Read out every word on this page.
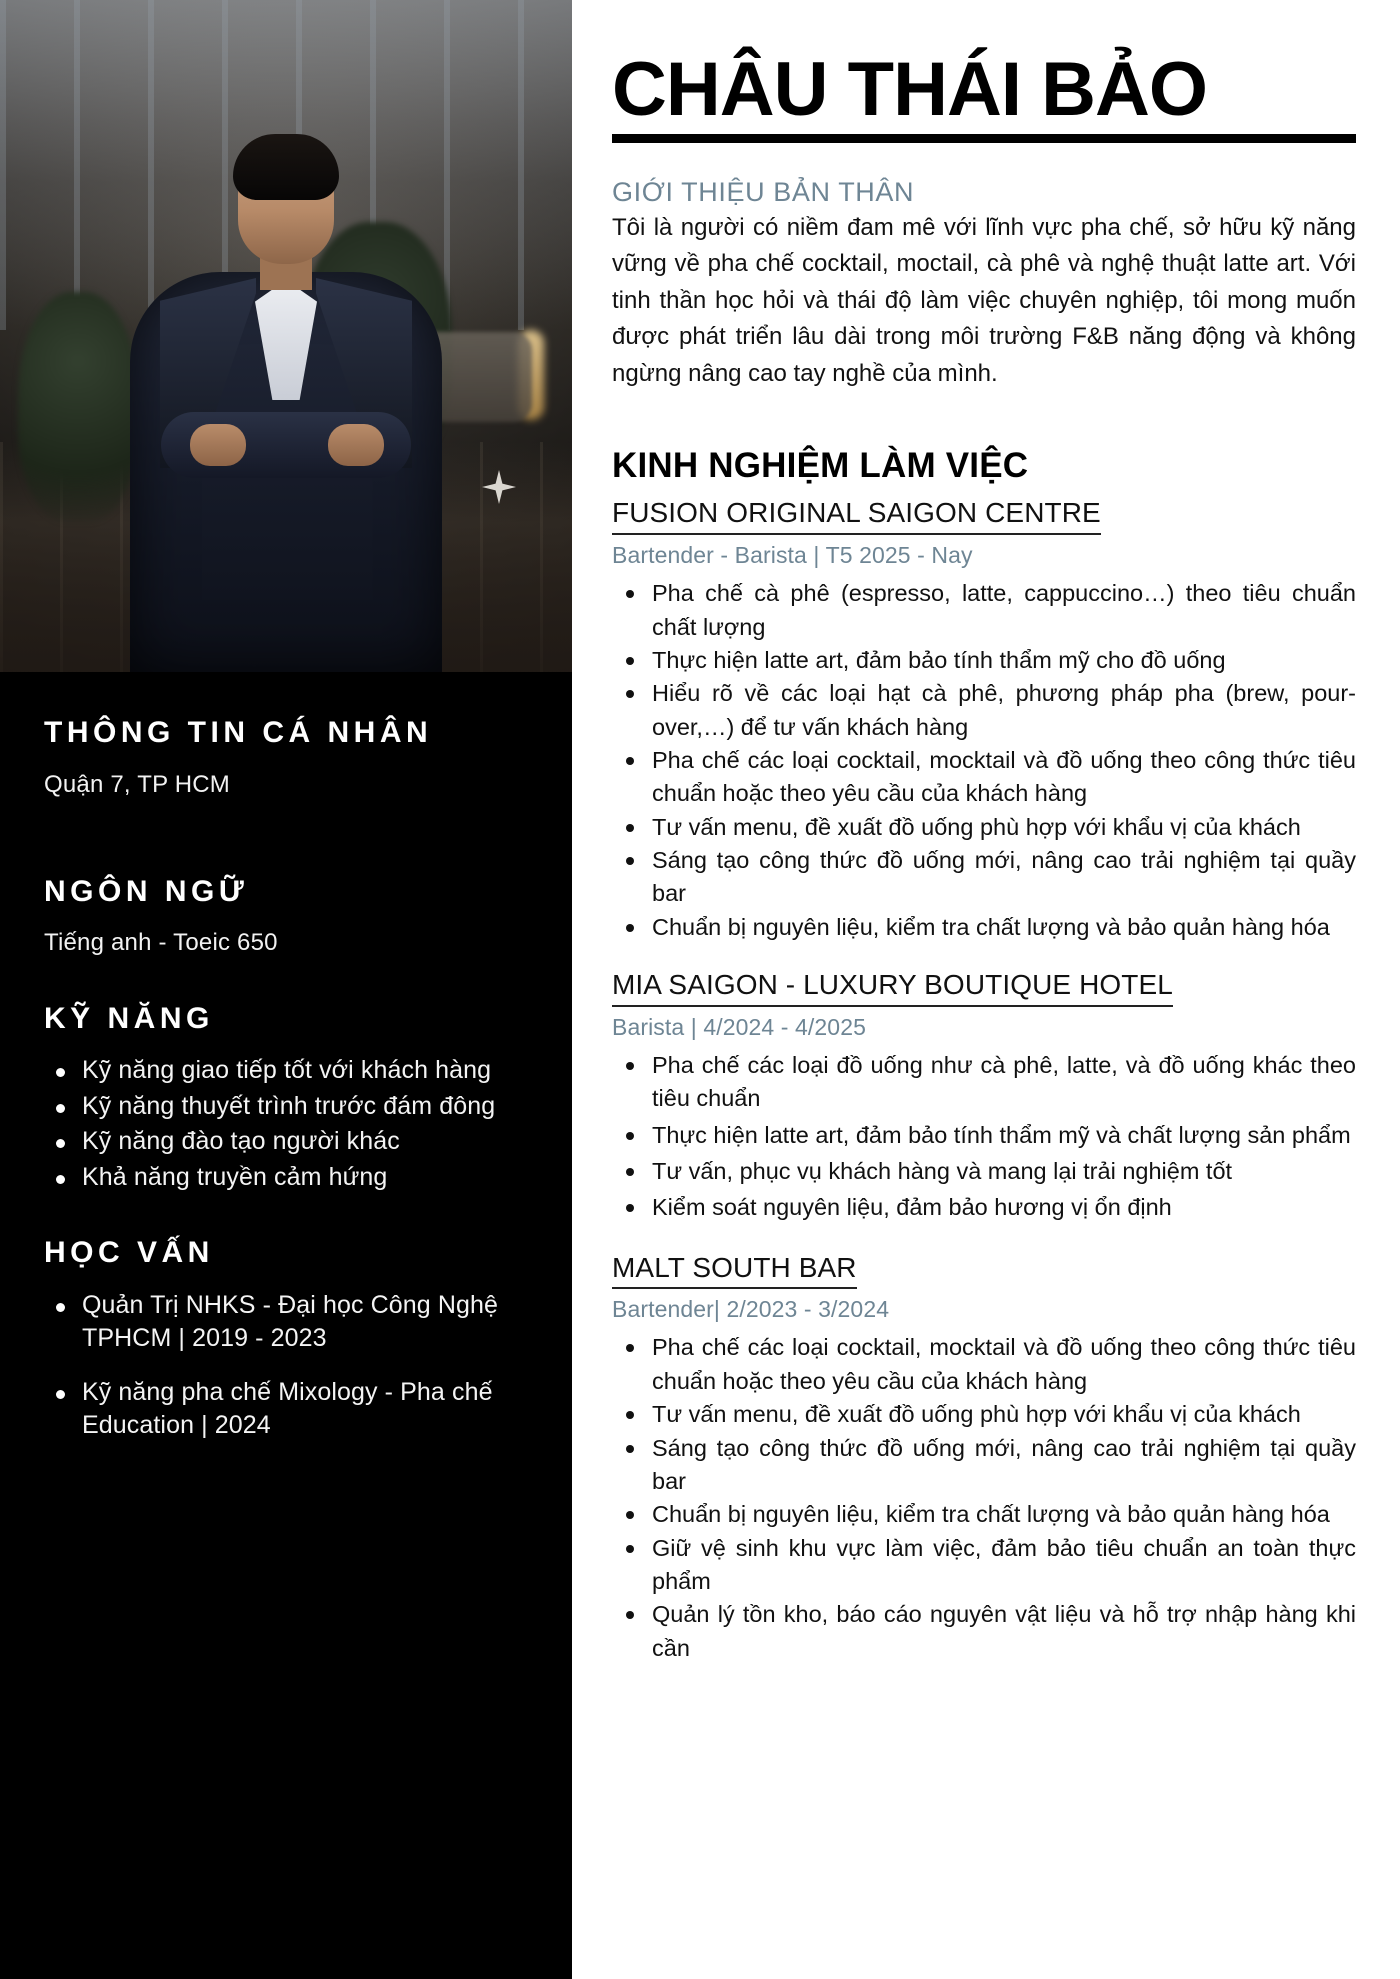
THÔNG TIN CÁ NHÂN

Quận 7, TP HCM

NGÔN NGỮ

Tiếng anh - Toeic 650

KỸ NĂNG
Kỹ năng giao tiếp tốt với khách hàng
Kỹ năng thuyết trình trước đám đông
Kỹ năng đào tạo người khác
Khả năng truyền cảm hứng
HỌC VẤN
Quản Trị NHKS - Đại học Công Nghệ TPHCM | 2019 - 2023
Kỹ năng pha chế Mixology - Pha chế Education | 2024
CHÂU THÁI BẢO
GIỚI THIỆU BẢN THÂN

Tôi là người có niềm đam mê với lĩnh vực pha chế, sở hữu kỹ năng vững về pha chế cocktail, moctail, cà phê và nghệ thuật latte art. Với tinh thần học hỏi và thái độ làm việc chuyên nghiệp, tôi mong muốn được phát triển lâu dài trong môi trường F&B năng động và không ngừng nâng cao tay nghề của mình.

KINH NGHIỆM LÀM VIỆC
FUSION ORIGINAL SAIGON CENTRE
Bartender - Barista | T5 2025 - Nay
Pha chế cà phê (espresso, latte, cappuccino…) theo tiêu chuẩn chất lượng
Thực hiện latte art, đảm bảo tính thẩm mỹ cho đồ uống
Hiểu rõ về các loại hạt cà phê, phương pháp pha (brew, pour-over,…) để tư vấn khách hàng
Pha chế các loại cocktail, mocktail và đồ uống theo công thức tiêu chuẩn hoặc theo yêu cầu của khách hàng
Tư vấn menu, đề xuất đồ uống phù hợp với khẩu vị của khách
Sáng tạo công thức đồ uống mới, nâng cao trải nghiệm tại quầy bar
Chuẩn bị nguyên liệu, kiểm tra chất lượng và bảo quản hàng hóa
MIA SAIGON - LUXURY BOUTIQUE HOTEL
Barista | 4/2024 - 4/2025
Pha chế các loại đồ uống như cà phê, latte, và đồ uống khác theo tiêu chuẩn
Thực hiện latte art, đảm bảo tính thẩm mỹ và chất lượng sản phẩm
Tư vấn, phục vụ khách hàng và mang lại trải nghiệm tốt
Kiểm soát nguyên liệu, đảm bảo hương vị ổn định
MALT SOUTH BAR
Bartender| 2/2023 - 3/2024
Pha chế các loại cocktail, mocktail và đồ uống theo công thức tiêu chuẩn hoặc theo yêu cầu của khách hàng
Tư vấn menu, đề xuất đồ uống phù hợp với khẩu vị của khách
Sáng tạo công thức đồ uống mới, nâng cao trải nghiệm tại quầy bar
Chuẩn bị nguyên liệu, kiểm tra chất lượng và bảo quản hàng hóa
Giữ vệ sinh khu vực làm việc, đảm bảo tiêu chuẩn an toàn thực phẩm
Quản lý tồn kho, báo cáo nguyên vật liệu và hỗ trợ nhập hàng khi cần
